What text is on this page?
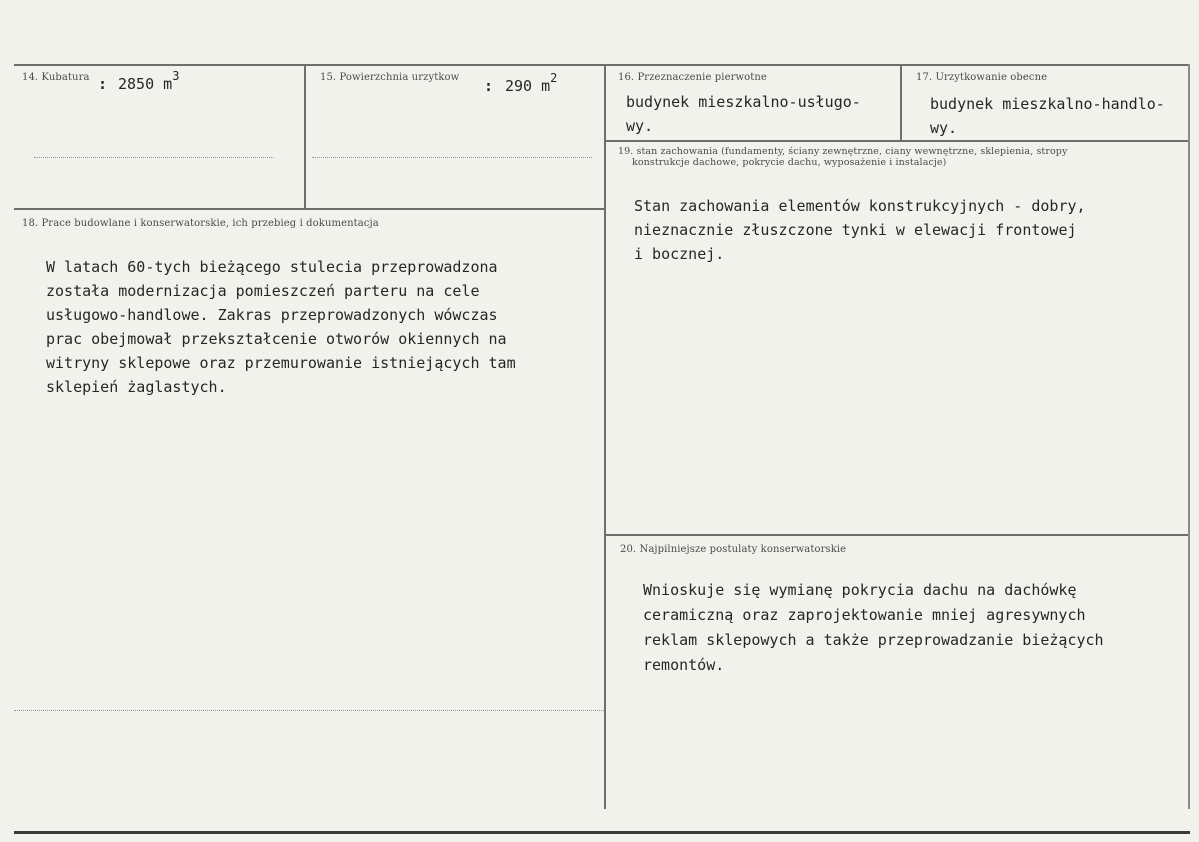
14. Kubatura : 2850 $m^3$	15. Powierzchnia urzytkow : 290 $m^2$	16. Przeznaczenie pierwotne
budynek mieszkalno-usługo-
wy.
17. Urzytkowanie obecne
budynek mieszkalno-handlo-
wy.
19. stan zachowania (fundamenty, ściany zewnętrzne, ciany wewnętrzne, sklepienia, stropy
konstrukcje dachowe, pokrycie dachu, wyposażenie i instalacje)
Stan zachowania elementów konstrukcyjnych - dobry,
nieznacznie złuszczone tynki w elewacji frontowej
i bocznej.
18. Prace budowlane i konserwatorskie, ich przebieg i dokumentacja
W latach 60-tych bieżącego stulecia przeprowadzona
została modernizacja pomieszczeń parteru na cele
usługowo-handlowe. Zakras przeprowadzonych wówczas
prac obejmował przekształcenie otworów okiennych na
witryny sklepowe oraz przemurowanie istniejących tam
sklepień żaglastych.
20. Najpilniejsze postulaty konserwatorskie
Wnioskuje się wymianę pokrycia dachu na dachówkę
ceramiczną oraz zaprojektowanie mniej agresywnych
reklam sklepowych a także przeprowadzanie bieżących
remontów.
